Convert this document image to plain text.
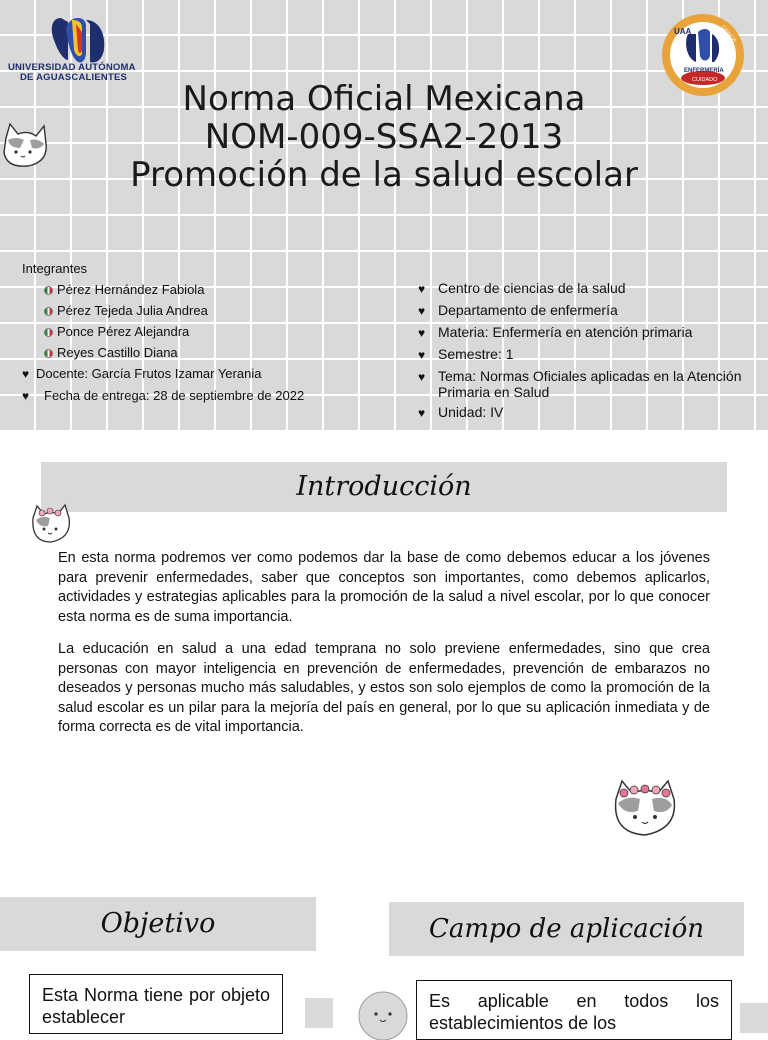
UNIVERSIDAD AUTÓNOMA
DE AGUASCALIENTES
UAA
ENFERMERÍA
CUIDADO
CIENCIA
Norma Oficial Mexicana
NOM-009-SSA2-2013
Promoción de la salud escolar
Integrantes
Pérez Hernández Fabiola
Pérez Tejeda Julia Andrea
Ponce Pérez Alejandra
Reyes Castillo Diana
♥ Docente: García Frutos Izamar Yerania
♥ Fecha de entrega: 28 de septiembre de 2022
♥ Centro de ciencias de la salud
♥ Departamento de enfermería
♥ Materia: Enfermería en atención primaria
♥ Semestre: 1
♥ Tema: Normas Oficiales aplicadas en la Atención Primaria en Salud
♥ Unidad: IV
Introducción

En esta norma podremos ver como podemos dar la base de como debemos educar a los jóvenes para prevenir enfermedades, saber que conceptos son importantes, como debemos aplicarlos, actividades y estrategias aplicables para la promoción de la salud a nivel escolar, por lo que conocer esta norma es de suma importancia.

La educación en salud a una edad temprana no solo previene enfermedades, sino que crea personas con mayor inteligencia en prevención de enfermedades, prevención de embarazos no deseados y personas mucho más saludables, y estos son solo ejemplos de como la promoción de la salud escolar es un pilar para la mejoría del país en general, por lo que su aplicación inmediata y de forma correcta es de vital importancia.

Objetivo	Campo de aplicación
Esta Norma tiene por objeto establecer
Es aplicable en todos los establecimientos de los
